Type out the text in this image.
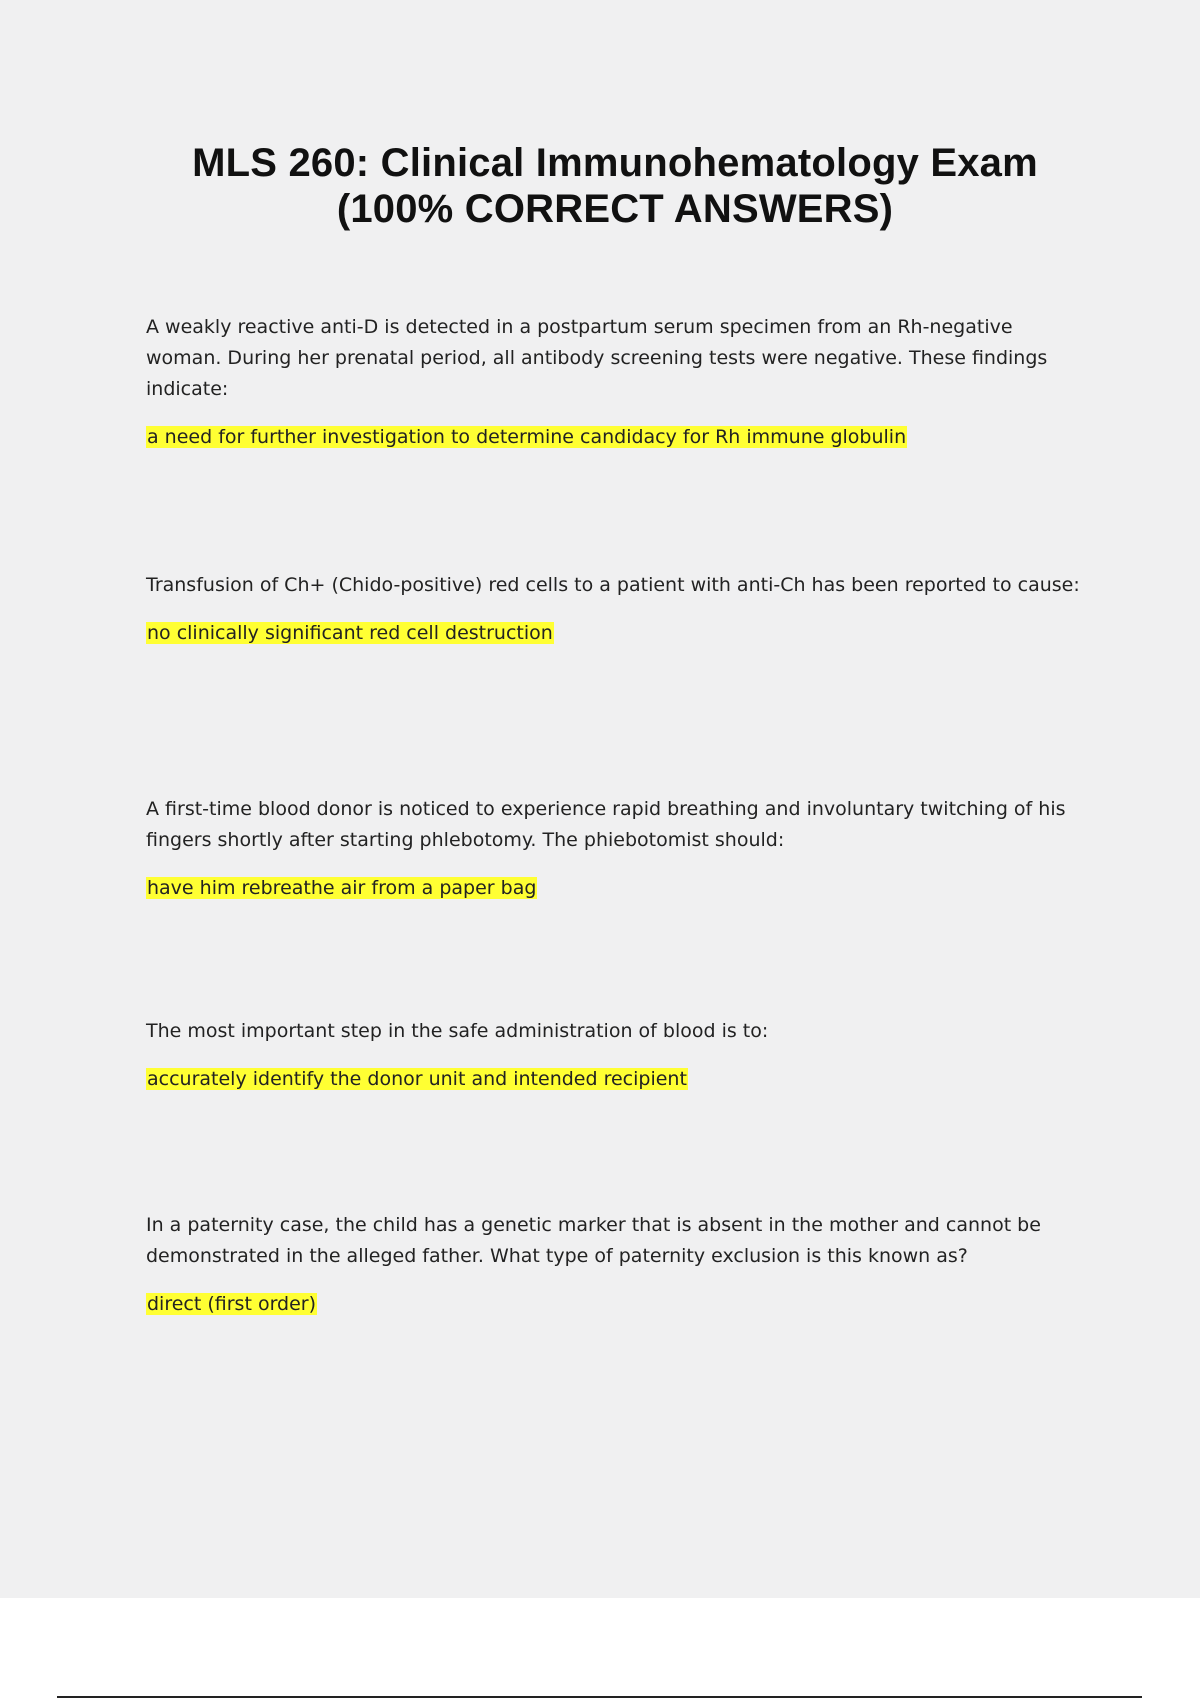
MLS 260: Clinical Immunohematology Exam
(100% CORRECT ANSWERS)

A weakly reactive anti-D is detected in a postpartum serum specimen from an Rh-negative woman. During her prenatal period, all antibody screening tests were negative. These findings indicate:

a need for further investigation to determine candidacy for Rh immune globulin

Transfusion of Ch+ (Chido-positive) red cells to a patient with anti-Ch has been reported to cause:

no clinically significant red cell destruction

A first-time blood donor is noticed to experience rapid breathing and involuntary twitching of his fingers shortly after starting phlebotomy. The phiebotomist should:

have him rebreathe air from a paper bag

The most important step in the safe administration of blood is to:

accurately identify the donor unit and intended recipient

In a paternity case, the child has a genetic marker that is absent in the mother and cannot be demonstrated in the alleged father. What type of paternity exclusion is this known as?

direct (first order)
